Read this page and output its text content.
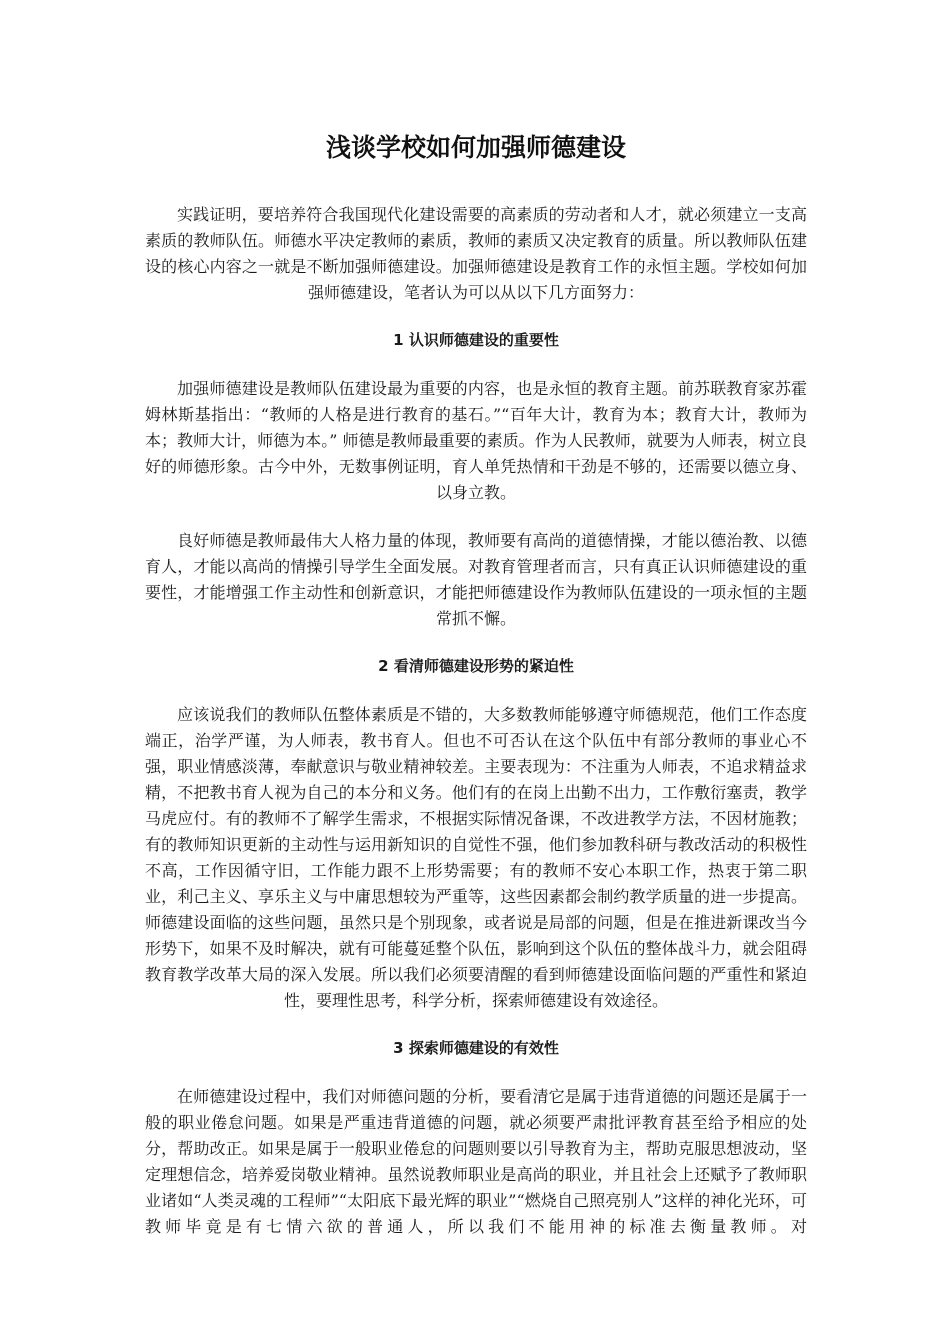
浅谈学校如何加强师德建设

实践证明，要培养符合我国现代化建设需要的高素质的劳动者和人才，就必须建立一支高素质的教师队伍。师德水平决定教师的素质，教师的素质又决定教育的质量。所以教师队伍建设的核心内容之一就是不断加强师德建设。加强师德建设是教育工作的永恒主题。学校如何加强师德建设，笔者认为可以从以下几方面努力：

1 认识师德建设的重要性

加强师德建设是教师队伍建设最为重要的内容，也是永恒的教育主题。前苏联教育家苏霍姆林斯基指出：“教师的人格是进行教育的基石。”“百年大计，教育为本；教育大计，教师为本；教师大计，师德为本。” 师德是教师最重要的素质。作为人民教师，就要为人师表，树立良好的师德形象。古今中外，无数事例证明，育人单凭热情和干劲是不够的，还需要以德立身、以身立教。

良好师德是教师最伟大人格力量的体现，教师要有高尚的道德情操，才能以德治教、以德育人，才能以高尚的情操引导学生全面发展。对教育管理者而言，只有真正认识师德建设的重要性，才能增强工作主动性和创新意识，才能把师德建设作为教师队伍建设的一项永恒的主题常抓不懈。

2 看清师德建设形势的紧迫性

应该说我们的教师队伍整体素质是不错的，大多数教师能够遵守师德规范，他们工作态度端正，治学严谨，为人师表，教书育人。但也不可否认在这个队伍中有部分教师的事业心不强，职业情感淡薄，奉献意识与敬业精神较差。主要表现为：不注重为人师表，不追求精益求精，不把教书育人视为自己的本分和义务。他们有的在岗上出勤不出力，工作敷衍塞责，教学马虎应付。有的教师不了解学生需求，不根据实际情况备课，不改进教学方法，不因材施教；有的教师知识更新的主动性与运用新知识的自觉性不强，他们参加教科研与教改活动的积极性不高，工作因循守旧，工作能力跟不上形势需要；有的教师不安心本职工作，热衷于第二职业，利己主义、享乐主义与中庸思想较为严重等，这些因素都会制约教学质量的进一步提高。师德建设面临的这些问题，虽然只是个别现象，或者说是局部的问题，但是在推进新课改当今形势下，如果不及时解决，就有可能蔓延整个队伍，影响到这个队伍的整体战斗力，就会阻碍教育教学改革大局的深入发展。所以我们必须要清醒的看到师德建设面临问题的严重性和紧迫性，要理性思考，科学分析，探索师德建设有效途径。

3 探索师德建设的有效性

在师德建设过程中，我们对师德问题的分析，要看清它是属于违背道德的问题还是属于一般的职业倦怠问题。如果是严重违背道德的问题，就必须要严肃批评教育甚至给予相应的处分，帮助改正。如果是属于一般职业倦怠的问题则要以引导教育为主，帮助克服思想波动，坚定理想信念，培养爱岗敬业精神。虽然说教师职业是高尚的职业，并且社会上还赋予了教师职业诸如“人类灵魂的工程师”“太阳底下最光辉的职业”“燃烧自己照亮别人”这样的神化光环，可教师毕竟是有七情六欲的普通人，所以我们不能用神的标准去衡量教师。对
